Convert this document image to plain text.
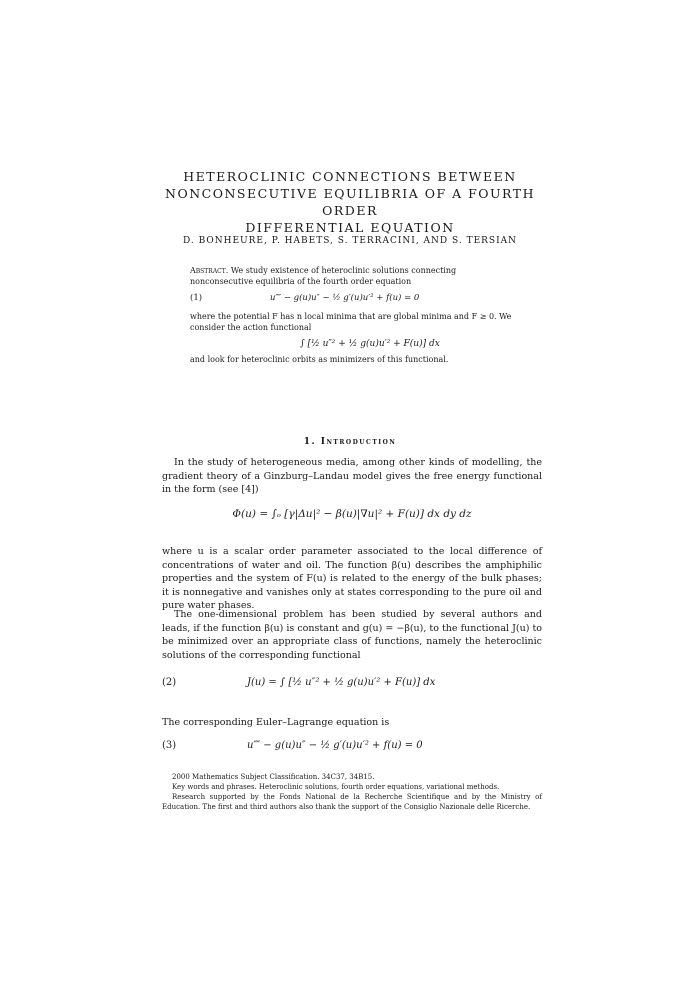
HETEROCLINIC CONNECTIONS BETWEEN
NONCONSECUTIVE EQUILIBRIA OF A FOURTH ORDER
DIFFERENTIAL EQUATION

D. BONHEURE, P. HABETS, S. TERRACINI, AND S. TERSIAN

Abstract. We study existence of heteroclinic solutions connecting nonconsecutive equilibria of the fourth order equation

(1)	u⁗ − g(u)u″ − ½ g′(u)u′² + f(u) = 0

where the potential F has n local minima that are global minima and F ≥ 0. We consider the action functional

∫ [½ u″² + ½ g(u)u′² + F(u)] dx

and look for heteroclinic orbits as minimizers of this functional.

1. Introduction

In the study of heterogeneous media, among other kinds of modelling, the gradient theory of a Ginzburg–Landau model gives the free energy functional in the form (see [4])

Φ(u) = ∫ₒ [γ|Δu|² − β(u)|∇u|² + F(u)] dx dy dz

where u is a scalar order parameter associated to the local difference of concentrations of water and oil. The function β(u) describes the amphiphilic properties and the system of F(u) is related to the energy of the bulk phases; it is nonnegative and vanishes only at states corresponding to the pure oil and pure water phases.

The one-dimensional problem has been studied by several authors and leads, if the function β(u) is constant and g(u) = −β(u), to the functional J(u) to be minimized over an appropriate class of functions, namely the heteroclinic solutions of the corresponding functional

(2)	J(u) = ∫ [½ u″² + ½ g(u)u′² + F(u)] dx

The corresponding Euler–Lagrange equation is

(3)	u⁗ − g(u)u″ − ½ g′(u)u′² + f(u) = 0

2000 Mathematics Subject Classification. 34C37, 34B15.

Key words and phrases. Heteroclinic solutions, fourth order equations, variational methods.

Research supported by the Fonds National de la Recherche Scientifique and by the Ministry of Education. The first and third authors also thank the support of the Consiglio Nazionale delle Ricerche.
